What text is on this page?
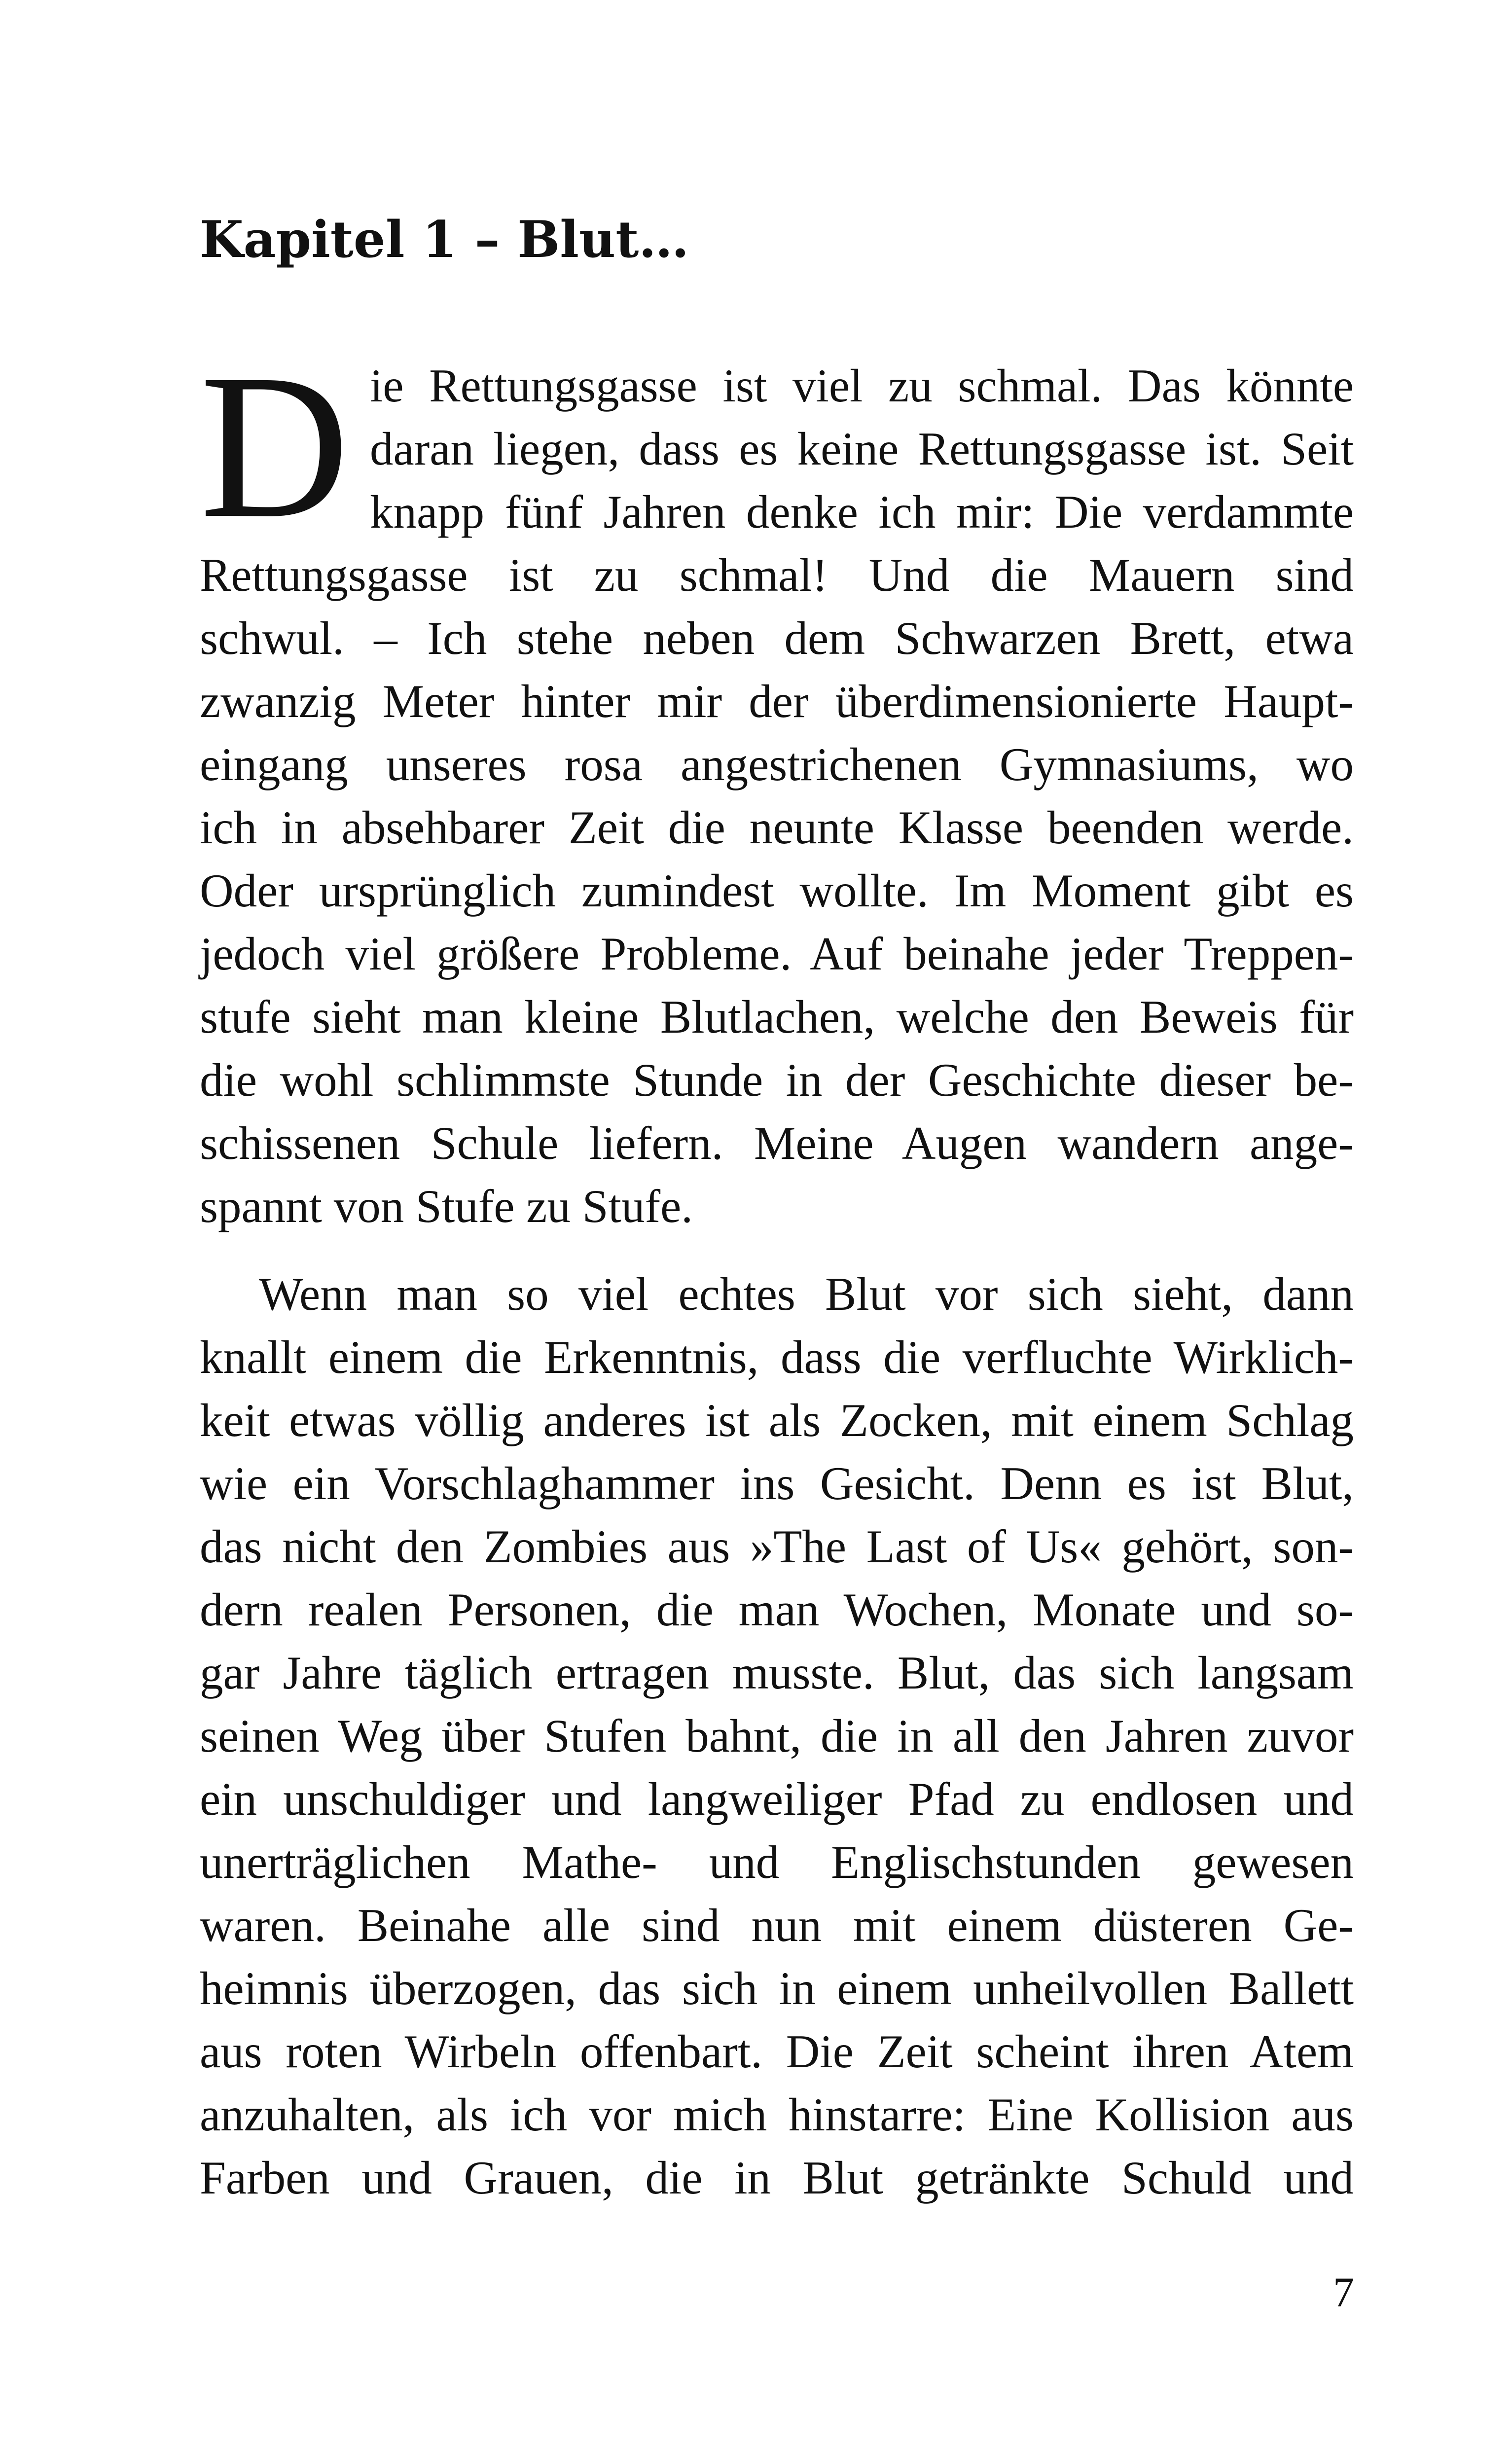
Kapitel 1 – Blut…
D ie Rettungsgasse ist viel zu schmal. Das könnte
daran liegen, dass es keine Rettungsgasse ist. Seit
knapp fünf Jahren denke ich mir: Die verdammte
Rettungsgasse ist zu schmal! Und die Mauern sind
schwul. – Ich stehe neben dem Schwarzen Brett, etwa
zwanzig Meter hinter mir der überdimensionierte Haupt-
eingang unseres rosa angestrichenen Gymnasiums, wo
ich in absehbarer Zeit die neunte Klasse beenden werde.
Oder ursprünglich zumindest wollte. Im Moment gibt es
jedoch viel größere Probleme. Auf beinahe jeder Treppen-
stufe sieht man kleine Blutlachen, welche den Beweis für
die wohl schlimmste Stunde in der Geschichte dieser be-
schissenen Schule liefern. Meine Augen wandern ange-
spannt von Stufe zu Stufe.
Wenn man so viel echtes Blut vor sich sieht, dann
knallt einem die Erkenntnis, dass die verfluchte Wirklich-
keit etwas völlig anderes ist als Zocken, mit einem Schlag
wie ein Vorschlaghammer ins Gesicht. Denn es ist Blut,
das nicht den Zombies aus »The Last of Us« gehört, son-
dern realen Personen, die man Wochen, Monate und so-
gar Jahre täglich ertragen musste. Blut, das sich langsam
seinen Weg über Stufen bahnt, die in all den Jahren zuvor
ein unschuldiger und langweiliger Pfad zu endlosen und
unerträglichen Mathe- und Englischstunden gewesen
waren. Beinahe alle sind nun mit einem düsteren Ge-
heimnis überzogen, das sich in einem unheilvollen Ballett
aus roten Wirbeln offenbart. Die Zeit scheint ihren Atem
anzuhalten, als ich vor mich hinstarre: Eine Kollision aus
Farben und Grauen, die in Blut getränkte Schuld und
7
